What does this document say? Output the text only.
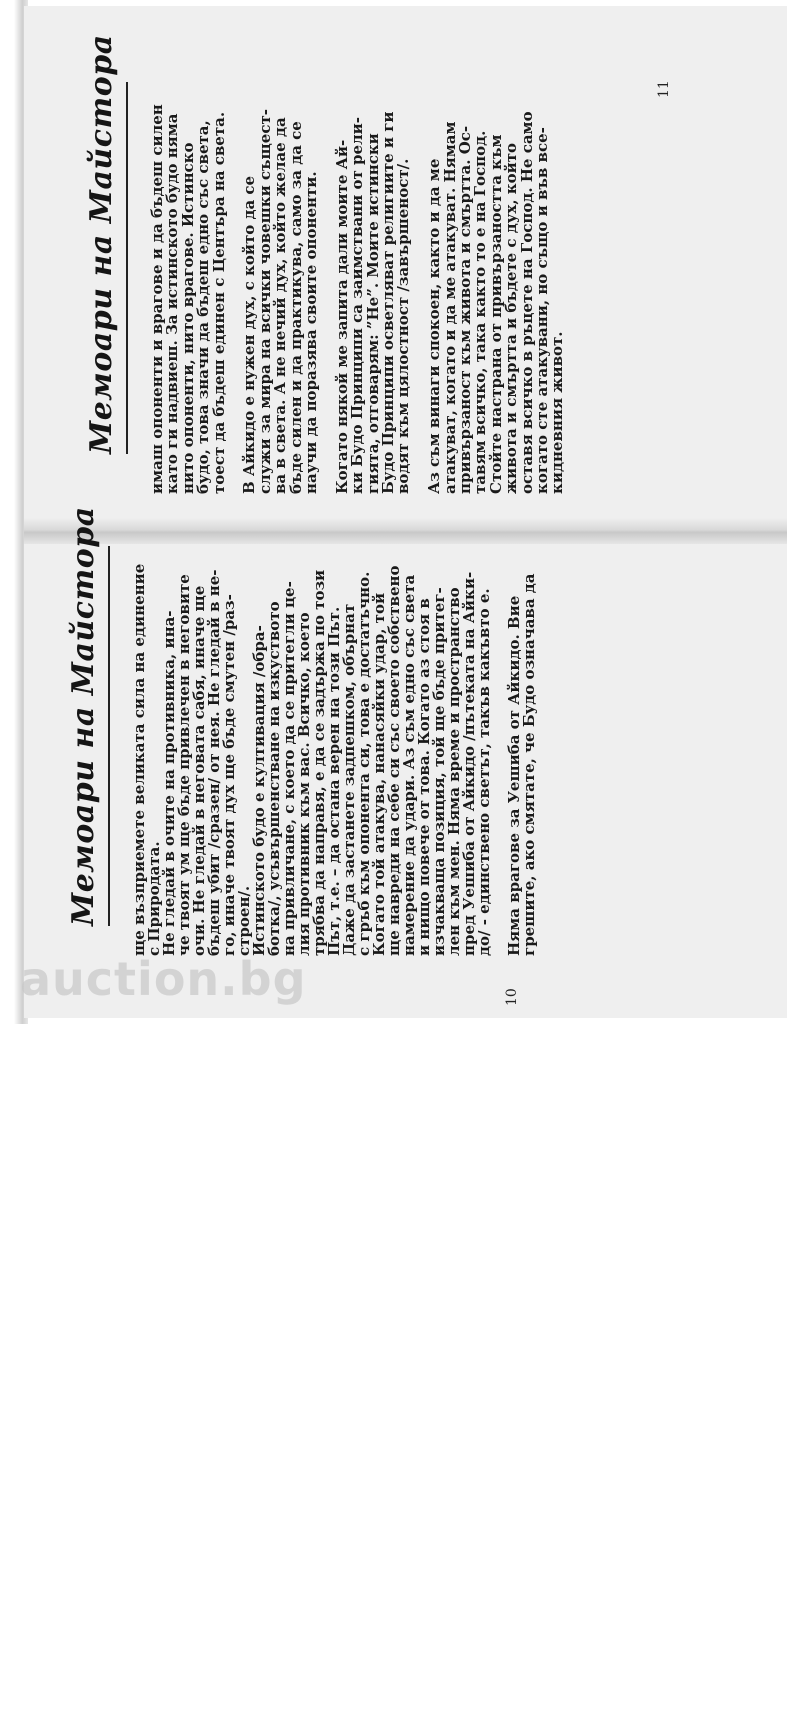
Мемоари на Майстора ще възприемете великата сила на единение
с Природата.
Не гледай в очите на противника, ина-
че твоят ум ще бъде привлечен в неговите
очи. Не гледай в неговата сабя, иначе ще
бъдеш убит /сразен/ от нея. Не гледай в не-
го, иначе твоят дух ще бъде смутен /раз-
строен/.
Истинското будо е култивация /обра-
ботка/, усъвършенстване на изкуството
на привличане, с което да се притегли це-
лия противник към вас. Всичко, което
трябва да направя, е да се задържа по този
Път, т.е. – да остана верен на този Път.
Даже да застанете задпешком, обърнат
с гръб към опонента си, това е достатъчно.
Когато той атакува, нанасяйки удар, той
ще навреди на себе си със своето собствено
намерение да удари. Аз съм едно със света
и нищо повече от това. Когато аз стоя в
изчакваща позиция, той ще бъде притег-
лен към мен. Няма време и пространство
пред Уешиба от Айкидо /пътеката на Айки-
до/ - единствено светът, такъв какъвто е. Няма врагове за Уешиба от Айкидо. Вие
грешите, ако смятате, че Будо означава да
10
Мемоари на Майстора имаш опоненти и врагове и да бъдеш силен
като ги надвиеш. За истинското будо няма
нито опоненти, нито врагове. Истинско
будо, това значи да бъдеш едно със света,
тоест да бъдеш единен с Центъра на света. В Айкидо е нужен дух, с който да се
служи за мира на всички човешки същест-
ва в света. А не нечий дух, който желае да
бъде силен и да практикува, само за да се
научи да поразява своите опоненти. Когато някой ме запита дали моите Ай-
ки Будо Принципи са заимствани от рели-
гията, отговарям: ”Не”. Моите истински
Будо Принципи осветляват религиите и ги
водят към цялостност /завършеност/. Аз съм винаги спокоен, както и да ме
атакуват, когато и да ме атакуват. Нямам
привързаност към живота и смъртта. Ос-
тавям всичко, така както то е на Господ.
Стойте настрана от привързаността към
живота и смъртта и бъдете с дух, който
оставя всичко в ръцете на Господ. Не само
когато сте атакувани, но също и във все-
кидневния живот.
11
auction.bg
